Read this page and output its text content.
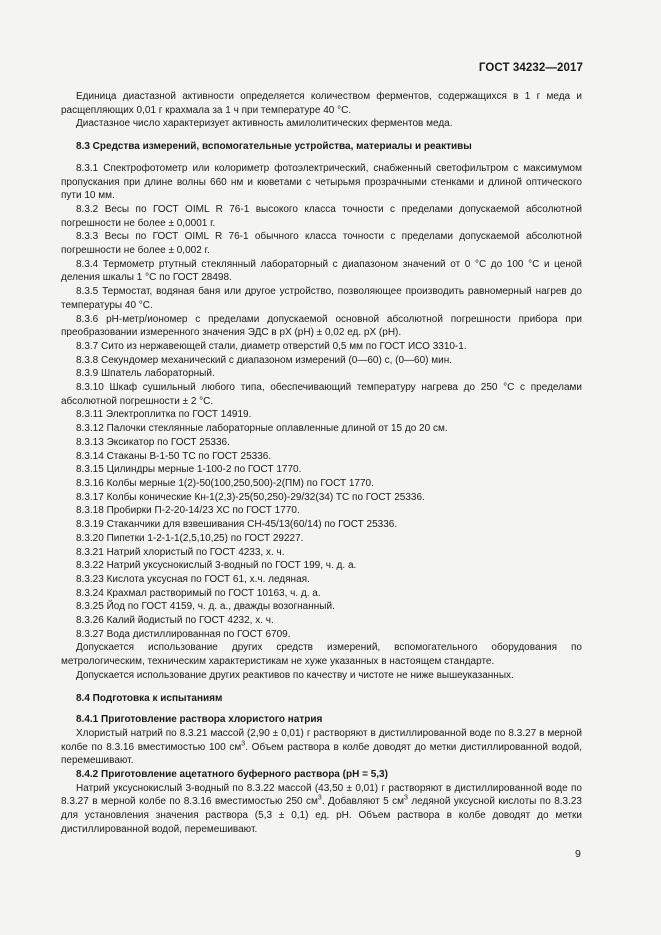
ГОСТ 34232—2017

Единица диастазной активности определяется количеством ферментов, содержащихся в 1 г меда и расщепляющих 0,01 г крахмала за 1 ч при температуре 40 °С.

Диастазное число характеризует активность амилолитических ферментов меда.

8.3 Средства измерений, вспомогательные устройства, материалы и реактивы

8.3.1 Спектрофотометр или колориметр фотоэлектрический, снабженный светофильтром с максимумом пропускания при длине волны 660 нм и кюветами с четырьмя прозрачными стенками и длиной оптического пути 10 мм.

8.3.2 Весы по ГОСТ OIML R 76-1 высокого класса точности с пределами допускаемой абсолютной погрешности не более ± 0,0001 г.

8.3.3 Весы по ГОСТ OIML R 76-1 обычного класса точности с пределами допускаемой абсолютной погрешности не более ± 0,002 г.

8.3.4 Термометр ртутный стеклянный лабораторный с диапазоном значений от 0 °С до 100 °С и ценой деления шкалы 1 °С по ГОСТ 28498.

8.3.5 Термостат, водяная баня или другое устройство, позволяющее производить равномерный нагрев до температуры 40 °С.

8.3.6 pH-метр/иономер с пределами допускаемой основной абсолютной погрешности прибора при преобразовании измеренного значения ЭДС в pX (pH) ± 0,02 ед. pX (pH).

8.3.7 Сито из нержавеющей стали, диаметр отверстий 0,5 мм по ГОСТ ИСО 3310-1.

8.3.8 Секундомер механический с диапазоном измерений (0—60) с, (0—60) мин.

8.3.9 Шпатель лабораторный.

8.3.10 Шкаф сушильный любого типа, обеспечивающий температуру нагрева до 250 °С с пределами абсолютной погрешности ± 2 °С.

8.3.11 Электроплитка по ГОСТ 14919.

8.3.12 Палочки стеклянные лабораторные оплавленные длиной от 15 до 20 см.

8.3.13 Эксикатор по ГОСТ 25336.

8.3.14 Стаканы В-1-50 ТС по ГОСТ 25336.

8.3.15 Цилиндры мерные 1-100-2 по ГОСТ 1770.

8.3.16 Колбы мерные 1(2)-50(100,250,500)-2(ПМ) по ГОСТ 1770.

8.3.17 Колбы конические Кн-1(2,3)-25(50,250)-29/32(34) ТС по ГОСТ 25336.

8.3.18 Пробирки П-2-20-14/23 ХС по ГОСТ 1770.

8.3.19 Стаканчики для взвешивания СН-45/13(60/14) по ГОСТ 25336.

8.3.20 Пипетки 1-2-1-1(2,5,10,25) по ГОСТ 29227.

8.3.21 Натрий хлористый по ГОСТ 4233, х. ч.

8.3.22 Натрий уксуснокислый 3-водный по ГОСТ 199, ч. д. а.

8.3.23 Кислота уксусная по ГОСТ 61, х.ч. ледяная.

8.3.24 Крахмал растворимый по ГОСТ 10163, ч. д. а.

8.3.25 Йод по ГОСТ 4159, ч. д. а., дважды возогнанный.

8.3.26 Калий йодистый по ГОСТ 4232, х. ч.

8.3.27 Вода дистиллированная по ГОСТ 6709.

Допускается использование других средств измерений, вспомогательного оборудования по метрологическим, техническим характеристикам не хуже указанных в настоящем стандарте.

Допускается использование других реактивов по качеству и чистоте не ниже вышеуказанных.

8.4 Подготовка к испытаниям

8.4.1 Приготовление раствора хлористого натрия

Хлористый натрий по 8.3.21 массой (2,90 ± 0,01) г растворяют в дистиллированной воде по 8.3.27 в мерной колбе по 8.3.16 вместимостью 100 $см^3$. Объем раствора в колбе доводят до метки дистиллированной водой, перемешивают.

8.4.2 Приготовление ацетатного буферного раствора (pH = 5,3)

Натрий уксуснокислый 3-водный по 8.3.22 массой (43,50 ± 0,01) г растворяют в дистиллированной воде по 8.3.27 в мерной колбе по 8.3.16 вместимостью 250 $см^3$. Добавляют 5 $см^3$ ледяной уксусной кислоты по 8.3.23 для установления значения раствора (5,3 ± 0,1) ед. pH. Объем раствора в колбе доводят до метки дистиллированной водой, перемешивают.

9
